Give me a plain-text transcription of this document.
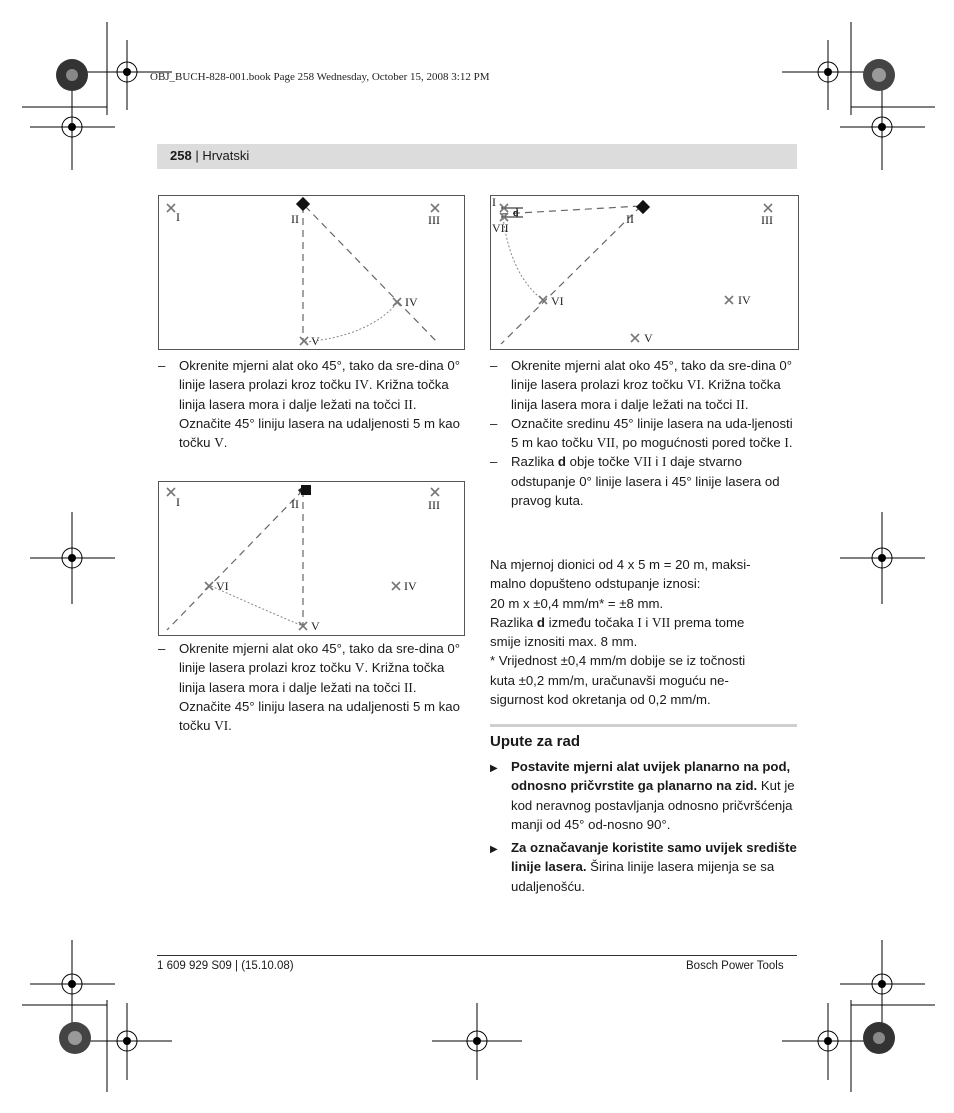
OBJ_BUCH-828-001.book Page 258 Wednesday, October 15, 2008 3:12 PM
258 | Hrvatski
I	II	III
IV
V
I	II	III
IV
V
VI
d
I
II	III
IV
V
VI
VII
– Okrenite mjerni alat oko 45°, tako da sre-dina 0° linije lasera prolazi kroz točku IV. Križna točka linija lasera mora i dalje ležati na točci II.
Označite 45° liniju lasera na udaljenosti 5 m kao točku V.
– Okrenite mjerni alat oko 45°, tako da sre-dina 0° linije lasera prolazi kroz točku V. Križna točka linija lasera mora i dalje ležati na točci II.
Označite 45° liniju lasera na udaljenosti 5 m kao točku VI.
– Okrenite mjerni alat oko 45°, tako da sre-dina 0° linije lasera prolazi kroz točku VI. Križna točka linija lasera mora i dalje ležati na točci II.
– Označite sredinu 45° linije lasera na uda-ljenosti 5 m kao točku VII, po mogućnosti pored točke I.
– Razlika d obje točke VII i I daje stvarno odstupanje 0° linije lasera i 45° linije lasera od pravog kuta.
Na mjernoj dionici od 4 x 5 m = 20 m, maksi-
malno dopušteno odstupanje iznosi:
20 m x ±0,4 mm/m* = ±8 mm.
Razlika d između točaka I i VII prema tome
smije iznositi max. 8 mm.
* Vrijednost ±0,4 mm/m dobije se iz točnosti
kuta ±0,2 mm/m, uračunavši moguću ne-
sigurnost kod okretanja od 0,2 mm/m.
Upute za rad
▶ Postavite mjerni alat uvijek planarno na pod, odnosno pričvrstite ga planarno na zid. Kut je kod neravnog postavljanja odnosno pričvršćenja manji od 45° od-nosno 90°.
▶ Za označavanje koristite samo uvijek središte linije lasera. Širina linije lasera mijenja se sa udaljenošću.
1 609 929 S09 | (15.10.08)	Bosch Power Tools
